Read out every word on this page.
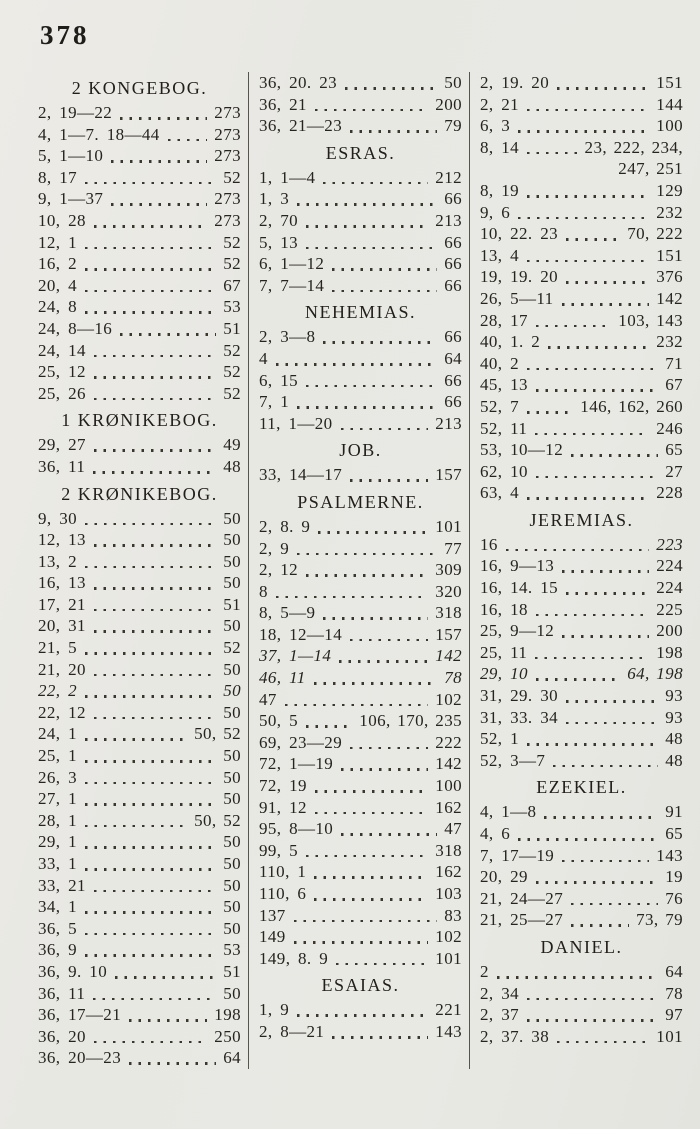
378
2 KONGEBOG.
2, 19—22	273
4, 1—7. 18—44	273
5, 1—10	273
8, 17	52
9, 1—37	273
10, 28	273
12, 1	52
16, 2	52
20, 4	67
24, 8	53
24, 8—16	51
24, 14	52
25, 12	52
25, 26	52
1 KRØNIKEBOG.
29, 27	49
36, 11	48
2 KRØNIKEBOG.
9, 30	50
12, 13	50
13, 2	50
16, 13	50
17, 21	51
20, 31	50
21, 5	52
21, 20	50
22, 2	50
22, 12	50
24, 1	50, 52
25, 1	50
26, 3	50
27, 1	50
28, 1	50, 52
29, 1	50
33, 1	50
33, 21	50
34, 1	50
36, 5	50
36, 9	53
36, 9. 10	51
36, 11	50
36, 17—21	198
36, 20	250
36, 20—23	64
36, 20. 23	50
36, 21	200
36, 21—23	79
ESRAS.
1, 1—4	212
1, 3	66
2, 70	213
5, 13	66
6, 1—12	66
7, 7—14	66
NEHEMIAS.
2, 3—8	66
4	64
6, 15	66
7, 1	66
11, 1—20	213
JOB.
33, 14—17	157
PSALMERNE.
2, 8. 9	101
2, 9	77
2, 12	309
8	320
8, 5—9	318
18, 12—14	157
37, 1—14	142
46, 11	78
47	102
50, 5	106, 170, 235
69, 23—29	222
72, 1—19	142
72, 19	100
91, 12	162
95, 8—10	47
99, 5	318
110, 1	162
110, 6	103
137	83
149	102
149, 8. 9	101
ESAIAS.
1, 9	221
2, 8—21	143
2, 19. 20	151
2, 21	144
6, 3	100
8, 14	23, 222, 234,
247, 251
8, 19	129
9, 6	232
10, 22. 23	70, 222
13, 4	151
19, 19. 20	376
26, 5—11	142
28, 17	103, 143
40, 1. 2	232
40, 2	71
45, 13	67
52, 7	146, 162, 260
52, 11	246
53, 10—12	65
62, 10	27
63, 4	228
JEREMIAS.
16	223
16, 9—13	224
16, 14. 15	224
16, 18	225
25, 9—12	200
25, 11	198
29, 10	64, 198
31, 29. 30	93
31, 33. 34	93
52, 1	48
52, 3—7	48
EZEKIEL.
4, 1—8	91
4, 6	65
7, 17—19	143
20, 29	19
21, 24—27	76
21, 25—27	73, 79
DANIEL.
2	64
2, 34	78
2, 37	97
2, 37. 38	101
